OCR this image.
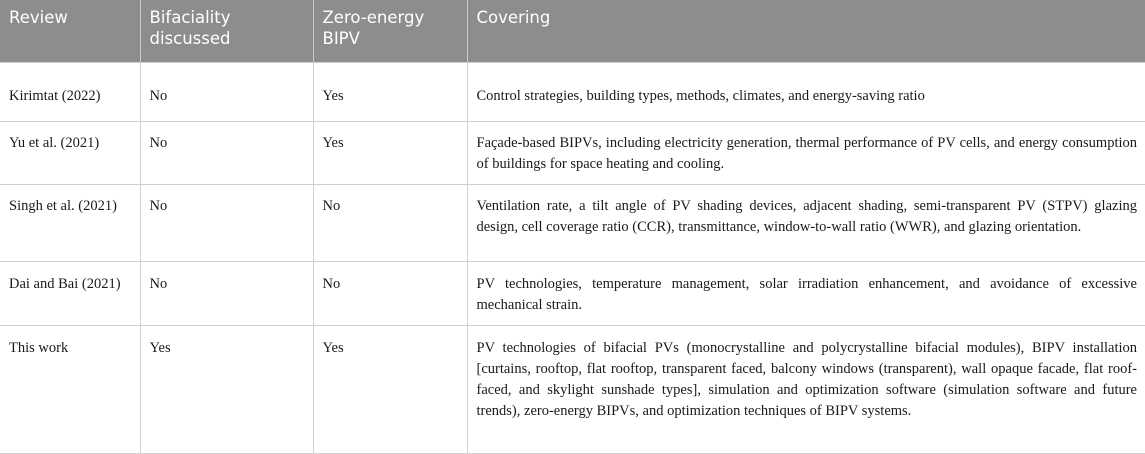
Review	Bifaciality discussed	Zero-energy BIPV	Covering
Kirimtat (2022)	No	Yes	Control strategies, building types, methods, climates, and energy-saving ratio
Yu et al. (2021)	No	Yes	Façade-based BIPVs, including electricity generation, thermal performance of PV cells, and energy consumption of buildings for space heating and cooling.
Singh et al. (2021)	No	No	Ventilation rate, a tilt angle of PV shading devices, adjacent shading, semi-transparent PV (STPV) glazing design, cell coverage ratio (CCR), transmittance, window-to-wall ratio (WWR), and glazing orientation.
Dai and Bai (2021)	No	No	PV technologies, temperature management, solar irradiation enhancement, and avoidance of excessive mechanical strain.
This work	Yes	Yes	PV technologies of bifacial PVs (monocrystalline and polycrystalline bifacial modules), BIPV installation [curtains, rooftop, flat rooftop, transparent faced, balcony windows (transparent), wall opaque facade, flat roof-faced, and skylight sunshade types], simulation and optimization software (simulation software and future trends), zero-energy BIPVs, and optimization techniques of BIPV systems.
